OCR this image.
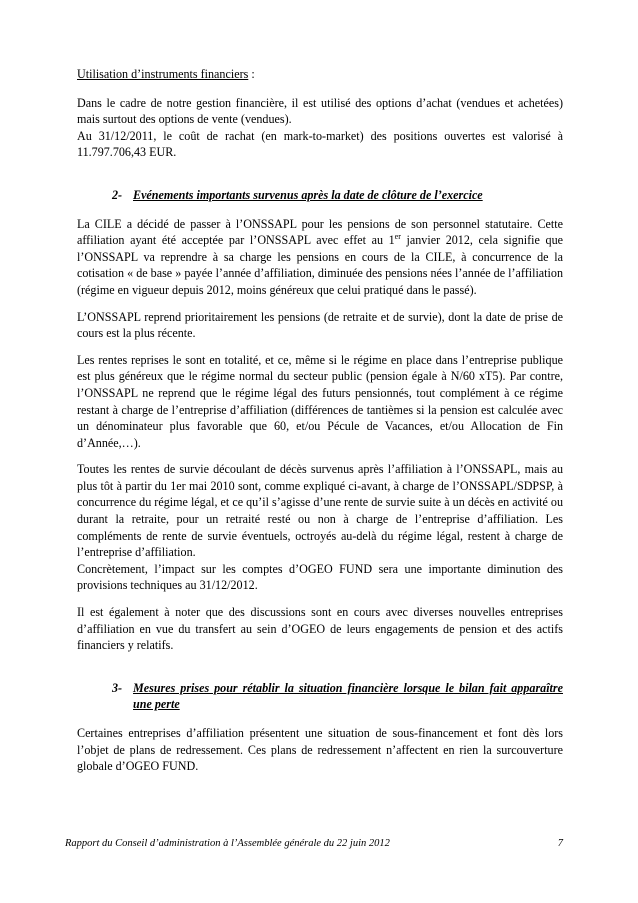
Utilisation d’instruments financiers :

Dans le cadre de notre gestion financière, il est utilisé des options d’achat (vendues et achetées) mais surtout des options de vente (vendues).

Au 31/12/2011, le coût de rachat (en mark-to-market) des positions ouvertes est valorisé à 11.797.706,43 EUR.

2- Evénements importants survenus après la date de clôture de l’exercice

La CILE a décidé de passer à l’ONSSAPL pour les pensions de son personnel statutaire. Cette affiliation ayant été acceptée par l’ONSSAPL avec effet au 1er janvier 2012, cela signifie que l’ONSSAPL va reprendre à sa charge les pensions en cours de la CILE, à concurrence de la cotisation « de base » payée l’année d’affiliation, diminuée des pensions nées l’année de l’affiliation (régime en vigueur depuis 2012, moins généreux que celui pratiqué dans le passé).

L’ONSSAPL reprend prioritairement les pensions (de retraite et de survie), dont la date de prise de cours est la plus récente.

Les rentes reprises le sont en totalité, et ce, même si le régime en place dans l’entreprise publique est plus généreux que le régime normal du secteur public (pension égale à N/60 xT5). Par contre, l’ONSSAPL ne reprend que le régime légal des futurs pensionnés, tout complément à ce régime restant à charge de l’entreprise d’affiliation (différences de tantièmes si la pension est calculée avec un dénominateur plus favorable que 60, et/ou Pécule de Vacances, et/ou Allocation de Fin d’Année,…).

Toutes les rentes de survie découlant de décès survenus après l’affiliation à l’ONSSAPL, mais au plus tôt à partir du 1er mai 2010 sont, comme expliqué ci-avant, à charge de l’ONSSAPL/SDPSP, à concurrence du régime légal, et ce qu’il s’agisse d’une rente de survie suite à un décès en activité ou durant la retraite, pour un retraité resté ou non à charge de l’entreprise d’affiliation. Les compléments de rente de survie éventuels, octroyés au-delà du régime légal, restent à charge de l’entreprise d’affiliation.

Concrètement, l’impact sur les comptes d’OGEO FUND sera une importante diminution des provisions techniques au 31/12/2012.

Il est également à noter que des discussions sont en cours avec diverses nouvelles entreprises d’affiliation en vue du transfert au sein d’OGEO de leurs engagements de pension et des actifs financiers y relatifs.

3- Mesures prises pour rétablir la situation financière lorsque le bilan fait apparaître une perte

Certaines entreprises d’affiliation présentent une situation de sous-financement et font dès lors l’objet de plans de redressement. Ces plans de redressement n’affectent en rien la surcouverture globale d’OGEO FUND.

Rapport du Conseil d’administration à l’Assemblée générale du 22 juin 2012	7
